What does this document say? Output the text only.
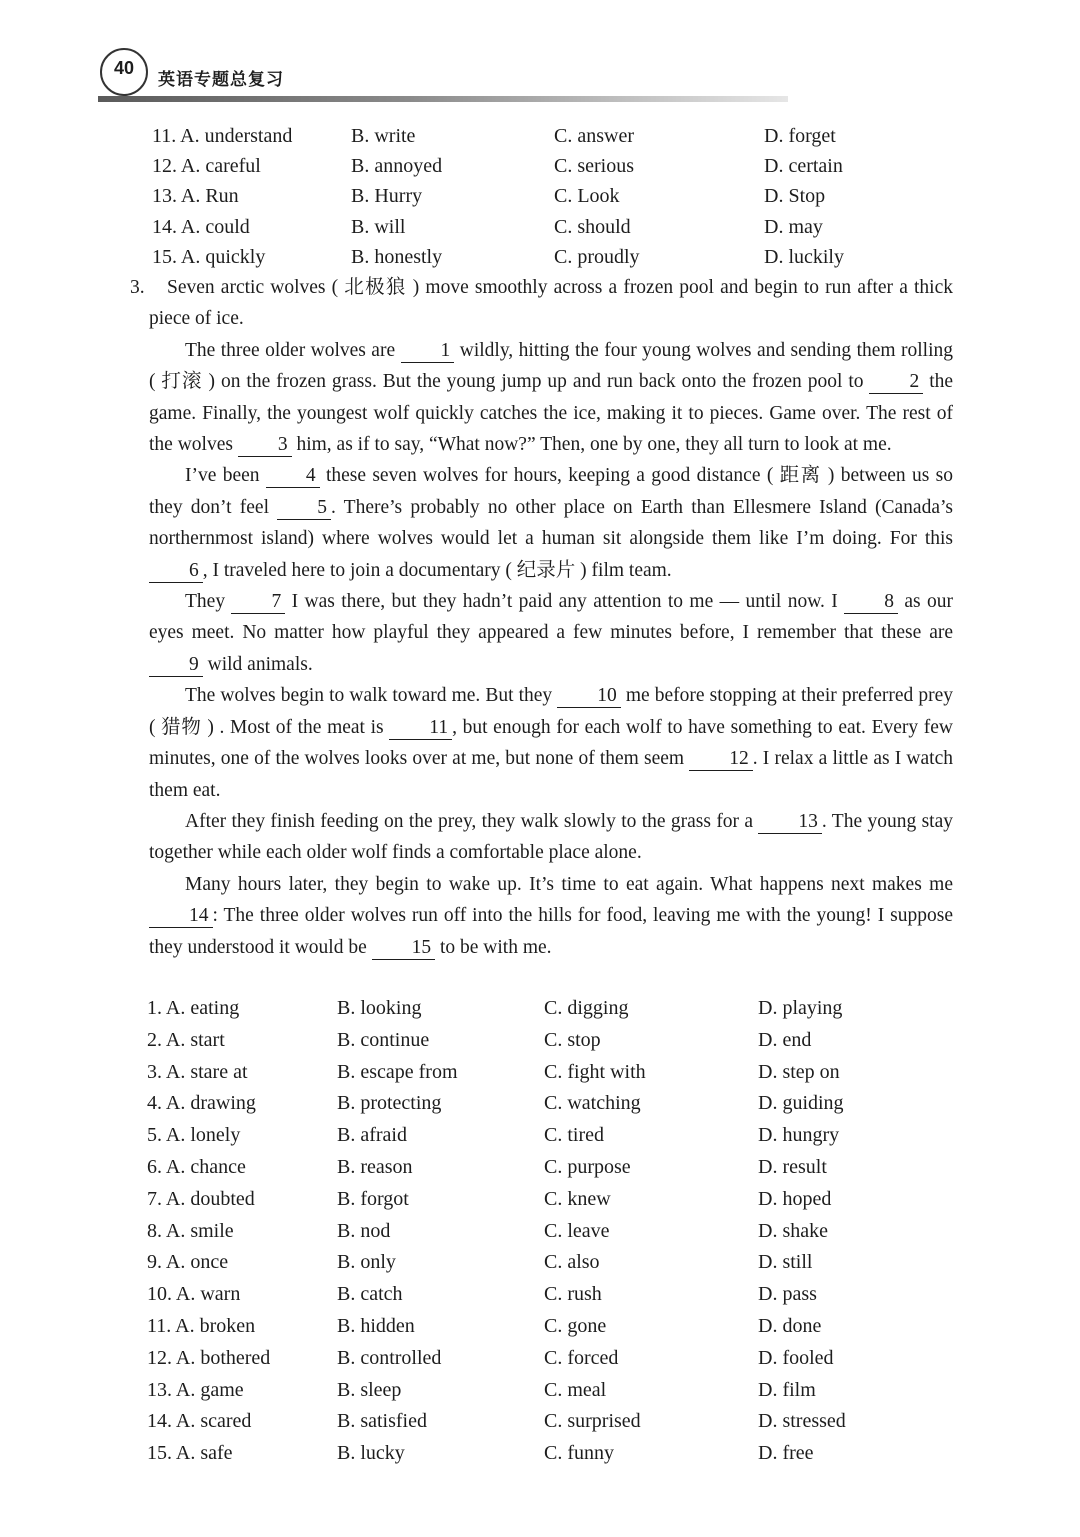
40
英语专题总复习
11. A. understand	B. write	C. answer	D. forget
12. A. careful	B. annoyed	C. serious	D. certain
13. A. Run	B. Hurry	C. Look	D. Stop
14. A. could	B. will	C. should	D. may
15. A. quickly	B. honestly	C. proudly	D. luckily

3. Seven arctic wolves ( 北极狼 ) move smoothly across a frozen pool and begin to run after a thick piece of ice.

The three older wolves are 1 wildly, hitting the four young wolves and sending them rolling ( 打滚 ) on the frozen grass. But the young jump up and run back onto the frozen pool to 2 the game. Finally, the youngest wolf quickly catches the ice, making it to pieces. Game over. The rest of the wolves 3 him, as if to say, “What now?” Then, one by one, they all turn to look at me.

I’ve been 4 these seven wolves for hours, keeping a good distance ( 距离 ) between us so they don’t feel 5 . There’s probably no other place on Earth than Ellesmere Island (Canada’s northernmost island) where wolves would let a human sit alongside them like I’m doing. For this 6 , I traveled here to join a documentary ( 纪录片 ) film team.

They 7 I was there, but they hadn’t paid any attention to me — until now. I 8 as our eyes meet. No matter how playful they appeared a few minutes before, I remember that these are 9 wild animals.

The wolves begin to walk toward me. But they 10 me before stopping at their preferred prey ( 猎物 ) . Most of the meat is 11 , but enough for each wolf to have something to eat. Every few minutes, one of the wolves looks over at me, but none of them seem 12 . I relax a little as I watch them eat.

After they finish feeding on the prey, they walk slowly to the grass for a 13 . The young stay together while each older wolf finds a comfortable place alone.

Many hours later, they begin to wake up. It’s time to eat again. What happens next makes me 14 : The three older wolves run off into the hills for food, leaving me with the young! I suppose they understood it would be 15 to be with me.

1. A. eating	B. looking	C. digging	D. playing
2. A. start	B. continue	C. stop	D. end
3. A. stare at	B. escape from	C. fight with	D. step on
4. A. drawing	B. protecting	C. watching	D. guiding
5. A. lonely	B. afraid	C. tired	D. hungry
6. A. chance	B. reason	C. purpose	D. result
7. A. doubted	B. forgot	C. knew	D. hoped
8. A. smile	B. nod	C. leave	D. shake
9. A. once	B. only	C. also	D. still
10. A. warn	B. catch	C. rush	D. pass
11. A. broken	B. hidden	C. gone	D. done
12. A. bothered	B. controlled	C. forced	D. fooled
13. A. game	B. sleep	C. meal	D. film
14. A. scared	B. satisfied	C. surprised	D. stressed
15. A. safe	B. lucky	C. funny	D. free
